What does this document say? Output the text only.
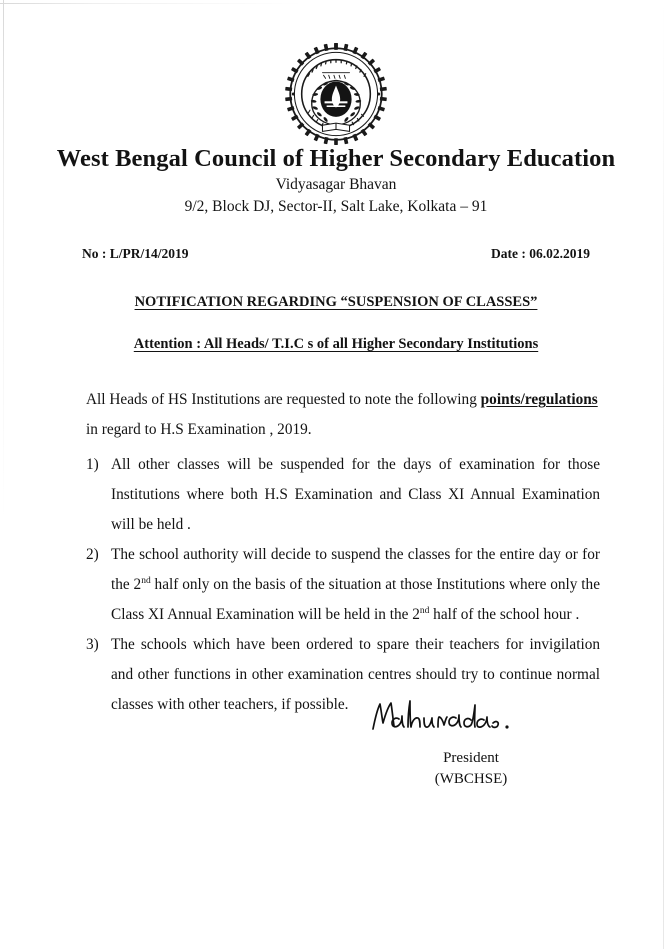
West Bengal Council of Higher Secondary Education
Vidyasagar Bhavan
9/2, Block DJ, Sector-II, Salt Lake, Kolkata – 91
No : L/PR/14/2019	Date : 06.02.2019
NOTIFICATION REGARDING “SUSPENSION OF CLASSES”
Attention : All Heads/ T.I.C s of all Higher Secondary Institutions

All Heads of HS Institutions are requested to note the following points/regulations in regard to H.S Examination , 2019.

1) All other classes will be suspended for the days of examination for those Institutions where both H.S Examination and Class XI Annual Examination will be held .
2) The school authority will decide to suspend the classes for the entire day or for the 2nd half only on the basis of the situation at those Institutions where only the Class XI Annual Examination will be held in the 2nd half of the school hour .
3) The schools which have been ordered to spare their teachers for invigilation and other functions in other examination centres should try to continue normal classes with other teachers, if possible.
President
(WBCHSE)
